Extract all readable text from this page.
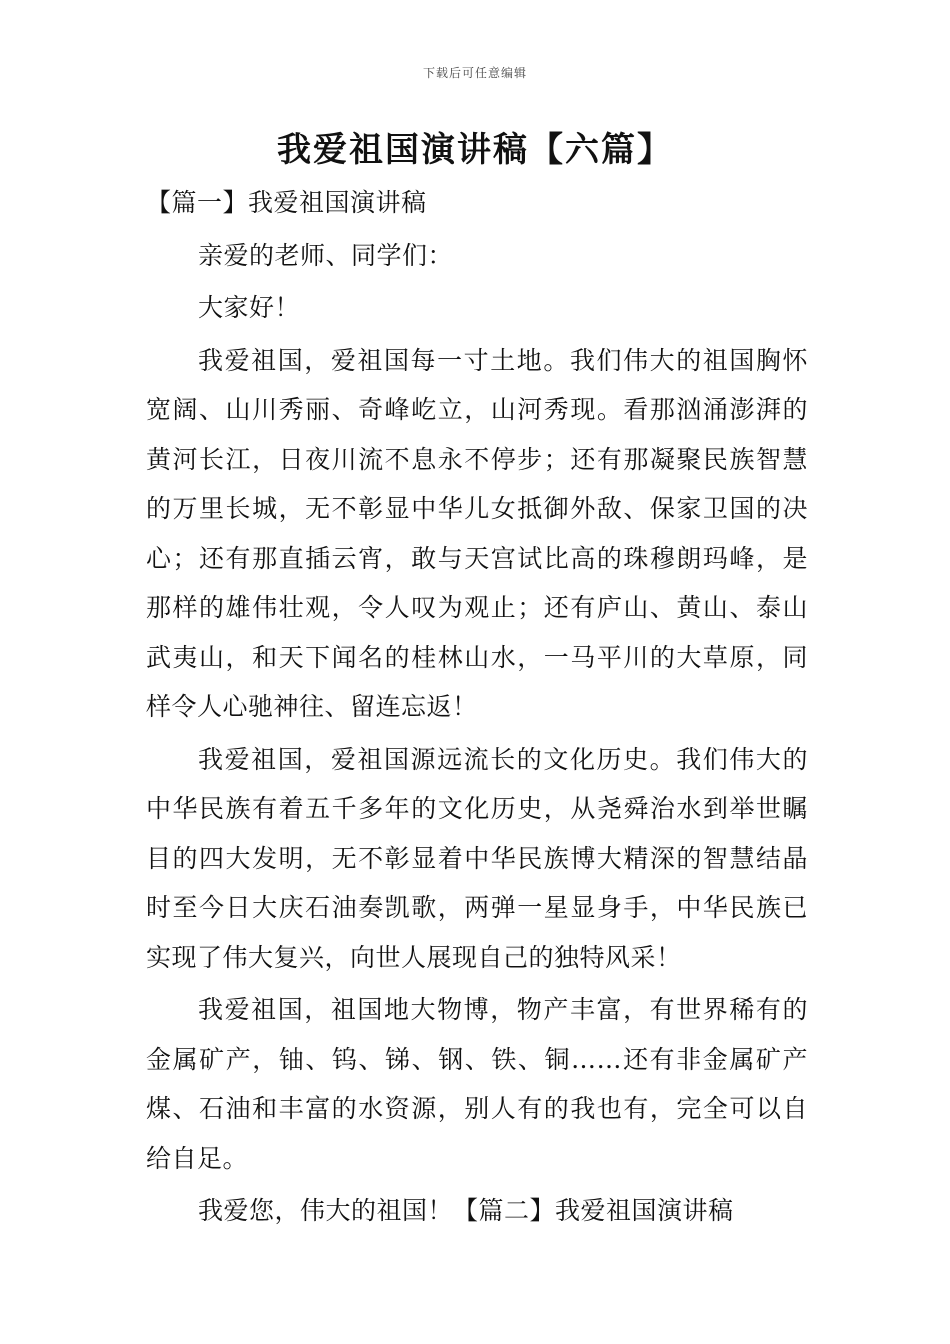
下载后可任意编辑
我爱祖国演讲稿【六篇】

【篇一】我爱祖国演讲稿

亲爱的老师、同学们：

大家好！

我爱祖国，爱祖国每一寸土地。我们伟大的祖国胸怀宽阔、山川秀丽、奇峰屹立，山河秀现。看那汹涌澎湃的黄河长江，日夜川流不息永不停步；还有那凝聚民族智慧的万里长城，无不彰显中华儿女抵御外敌、保家卫国的决心；还有那直插云宵，敢与天宫试比高的珠穆朗玛峰，是那样的雄伟壮观，令人叹为观止；还有庐山、黄山、泰山武夷山，和天下闻名的桂林山水，一马平川的大草原，同样令人心驰神往、留连忘返！

我爱祖国，爱祖国源远流长的文化历史。我们伟大的中华民族有着五千多年的文化历史，从尧舜治水到举世瞩目的四大发明，无不彰显着中华民族博大精深的智慧结晶时至今日大庆石油奏凯歌，两弹一星显身手，中华民族已实现了伟大复兴，向世人展现自己的独特风采！

我爱祖国，祖国地大物博，物产丰富，有世界稀有的金属矿产，铀、钨、锑、钢、铁、铜……还有非金属矿产煤、石油和丰富的水资源，别人有的我也有，完全可以自给自足。

我爱您，伟大的祖国！【篇二】我爱祖国演讲稿
